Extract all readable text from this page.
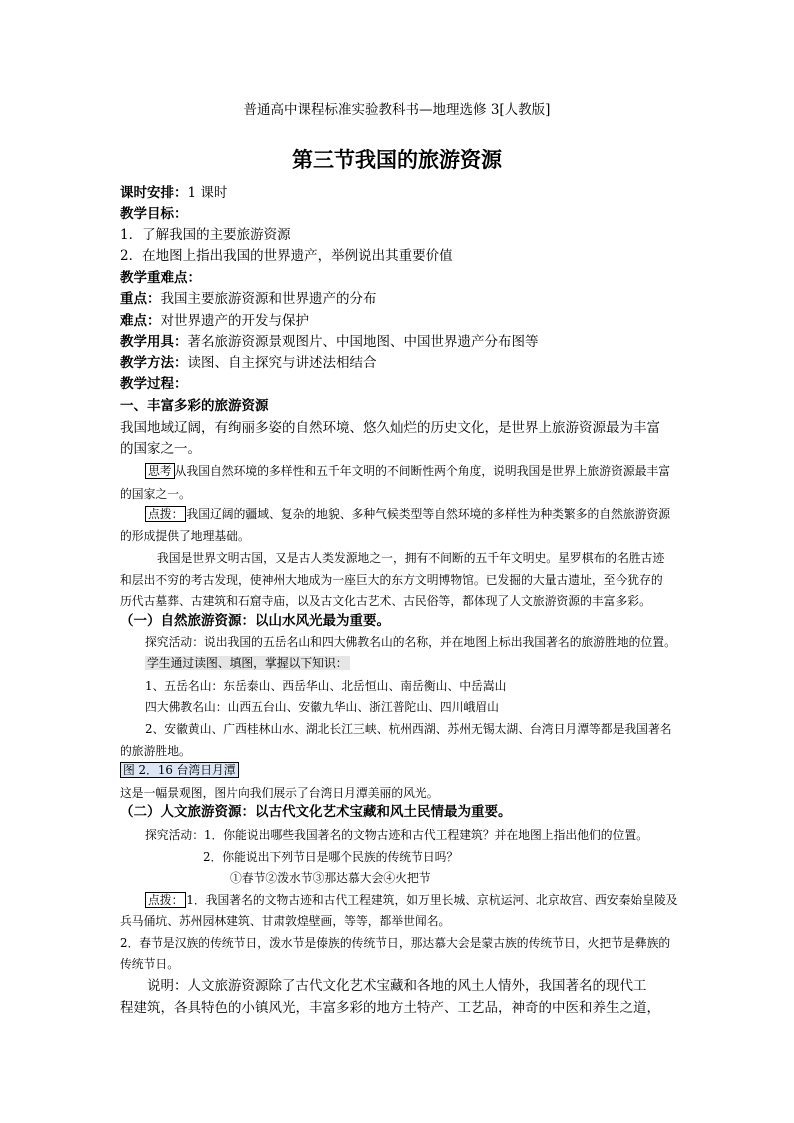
普通高中课程标准实验教科书—地理选修 3[人教版]
第三节我国的旅游资源
课时安排：1 课时
教学目标：
1．了解我国的主要旅游资源
2．在地图上指出我国的世界遗产，举例说出其重要价值
教学重难点：
重点：我国主要旅游资源和世界遗产的分布
难点：对世界遗产的开发与保护
教学用具：著名旅游资源景观图片、中国地图、中国世界遗产分布图等
教学方法：读图、自主探究与讲述法相结合
教学过程：
一、丰富多彩的旅游资源
我国地域辽阔，有绚丽多姿的自然环境、悠久灿烂的历史文化，是世界上旅游资源最为丰富
的国家之一。
思考 从我国自然环境的多样性和五千年文明的不间断性两个角度，说明我国是世界上旅游资源最丰富
的国家之一。
点拨： 我国辽阔的疆域、复杂的地貌、多种气候类型等自然环境的多样性为种类繁多的自然旅游资源
的形成提供了地理基础。
我国是世界文明古国，又是古人类发源地之一，拥有不间断的五千年文明史。星罗棋布的名胜古迹
和层出不穷的考古发现，使神州大地成为一座巨大的东方文明博物馆。已发掘的大量古遗址，至今犹存的
历代古墓葬、古建筑和石窟寺庙，以及古文化古艺术、古民俗等，都体现了人文旅游资源的丰富多彩。
（一）自然旅游资源：以山水风光最为重要。
探究活动：说出我国的五岳名山和四大佛教名山的名称，并在地图上标出我国著名的旅游胜地的位置。
学生通过读图、填图，掌握以下知识：
1、五岳名山：东岳泰山、西岳华山、北岳恒山、南岳衡山、中岳嵩山
四大佛教名山：山西五台山、安徽九华山、浙江普陀山、四川峨眉山
2、安徽黄山、广西桂林山水、湖北长江三峡、杭州西湖、苏州无锡太湖、台湾日月潭等都是我国著名
的旅游胜地。
图 2．16 台湾日月潭
这是一幅景观图，图片向我们展示了台湾日月潭美丽的风光。
（二）人文旅游资源：以古代文化艺术宝藏和风土民情最为重要。
探究活动：1．你能说出哪些我国著名的文物古迹和古代工程建筑？并在地图上指出他们的位置。
2．你能说出下列节日是哪个民族的传统节日吗？
①春节②泼水节③那达慕大会④火把节
点拨： 1．我国著名的文物古迹和古代工程建筑，如万里长城、京杭运河、北京故宫、西安秦始皇陵及
兵马俑坑、苏州园林建筑、甘肃敦煌壁画，等等，都举世闻名。
2．春节是汉族的传统节日，泼水节是傣族的传统节日，那达慕大会是蒙古族的传统节日，火把节是彝族的
传统节日。
说明：人文旅游资源除了古代文化艺术宝藏和各地的风土人情外，我国著名的现代工
程建筑，各具特色的小镇风光，丰富多彩的地方土特产、工艺品，神奇的中医和养生之道，
